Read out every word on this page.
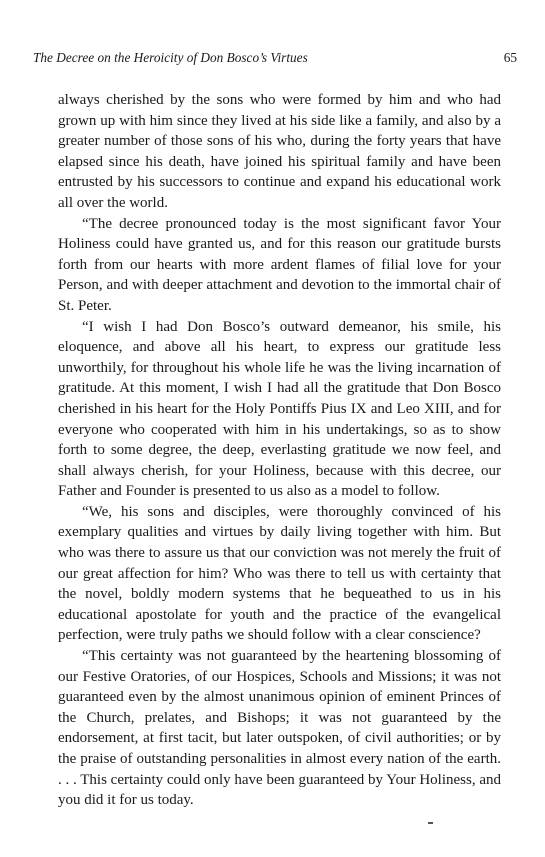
The Decree on the Heroicity of Don Bosco’s Virtues	65

always cherished by the sons who were formed by him and who had grown up with him since they lived at his side like a family, and also by a greater number of those sons of his who, during the forty years that have elapsed since his death, have joined his spiritual family and have been entrusted by his successors to continue and expand his educational work all over the world.

“The decree pronounced today is the most significant favor Your Holiness could have granted us, and for this reason our gratitude bursts forth from our hearts with more ardent flames of filial love for your Person, and with deeper attachment and devotion to the immortal chair of St. Peter.

“I wish I had Don Bosco’s outward demeanor, his smile, his eloquence, and above all his heart, to express our gratitude less unworthily, for throughout his whole life he was the living incarnation of gratitude. At this moment, I wish I had all the gratitude that Don Bosco cherished in his heart for the Holy Pontiffs Pius IX and Leo XIII, and for everyone who cooperated with him in his undertakings, so as to show forth to some degree, the deep, everlasting gratitude we now feel, and shall always cherish, for your Holiness, because with this decree, our Father and Founder is presented to us also as a model to follow.

“We, his sons and disciples, were thoroughly convinced of his exemplary qualities and virtues by daily living together with him. But who was there to assure us that our conviction was not merely the fruit of our great affection for him? Who was there to tell us with certainty that the novel, boldly modern systems that he bequeathed to us in his educational apostolate for youth and the practice of the evangelical perfection, were truly paths we should follow with a clear conscience?

“This certainty was not guaranteed by the heartening blossoming of our Festive Oratories, of our Hospices, Schools and Missions; it was not guaranteed even by the almost unanimous opinion of eminent Princes of the Church, prelates, and Bishops; it was not guaranteed by the endorsement, at first tacit, but later outspoken, of civil authorities; or by the praise of outstanding personalities in almost every nation of the earth. . . . This certainty could only have been guaranteed by Your Holiness, and you did it for us today.
